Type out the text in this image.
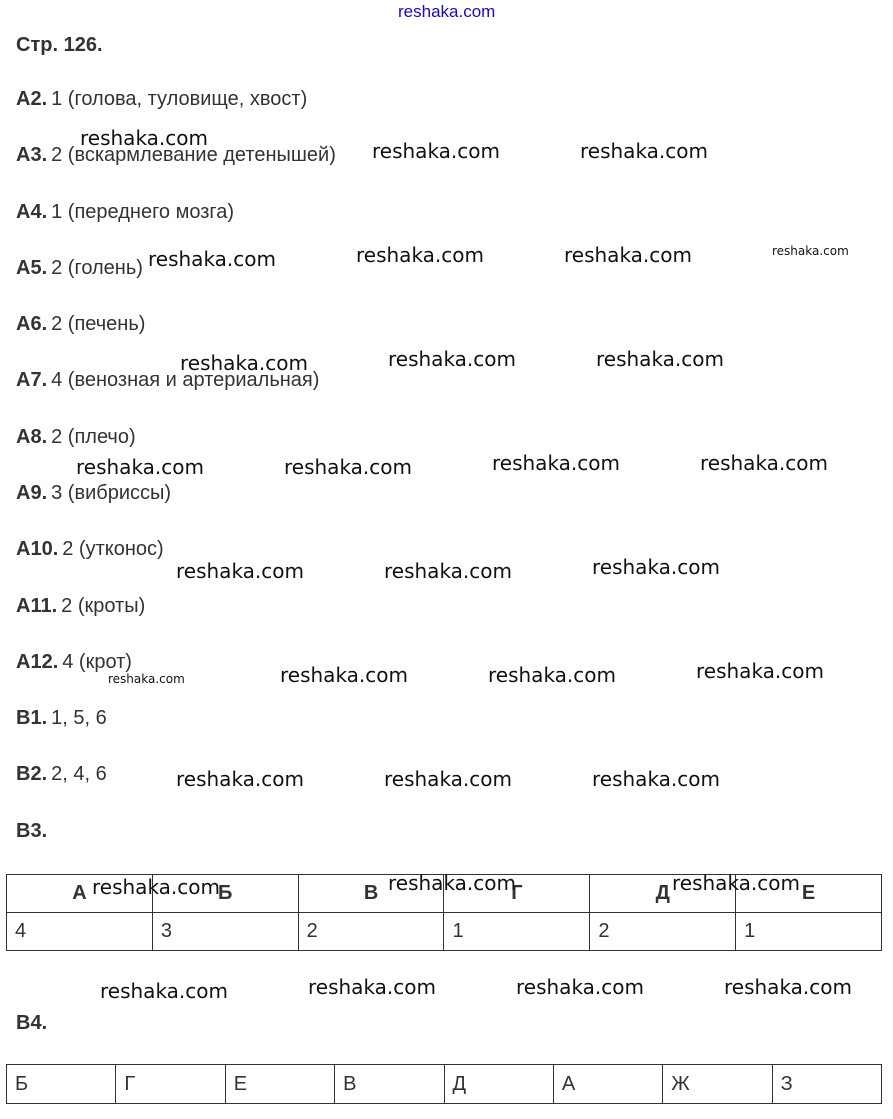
reshaka.com
Стр. 126.
A2. 1 (голова, туловище, хвост)
A3. 2 (вскармлевание детенышей)
A4. 1 (переднего мозга)
A5. 2 (голень)
A6. 2 (печень)
A7. 4 (венозная и артериальная)
A8. 2 (плечо)
A9. 3 (вибриссы)
A10. 2 (утконос)
A11. 2 (кроты)
A12. 4 (крот)
B1. 1, 5, 6
B2. 2, 4, 6
B3.
А	Б	В	Г	Д	Е
4	3	2	1	2	1
B4.
Б	Г	Е	В	Д	А	Ж	З
reshaka.com
reshaka.com	reshaka.com
reshaka.com	reshaka.com	reshaka.com	reshaka.com
reshaka.com	reshaka.com	reshaka.com
reshaka.com	reshaka.com	reshaka.com	reshaka.com
reshaka.com	reshaka.com	reshaka.com
reshaka.com	reshaka.com	reshaka.com	reshaka.com
reshaka.com	reshaka.com	reshaka.com
reshaka.com	reshaka.com	reshaka.com
reshaka.com	reshaka.com	reshaka.com	reshaka.com
